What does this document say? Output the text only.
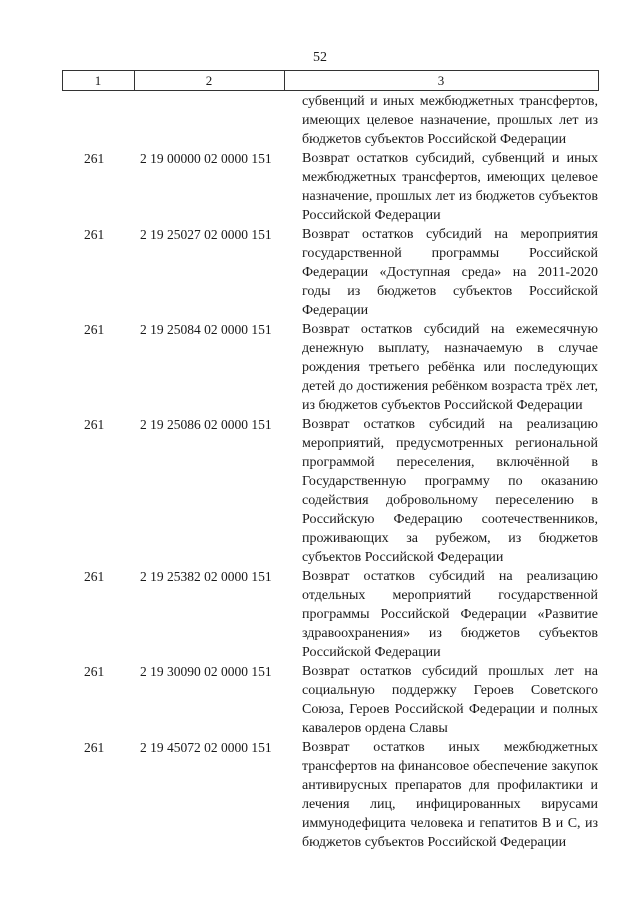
52
1	2	3
субвенций и иных межбюджетных трансфертов, имеющих целевое назначение, прошлых лет из бюджетов субъектов Российской Федерации
261	2 19 00000 02 0000 151	Возврат остатков субсидий, субвенций и иных межбюджетных трансфертов, имеющих целевое назначение, прошлых лет из бюджетов субъектов Российской Федерации
261	2 19 25027 02 0000 151	Возврат остатков субсидий на мероприятия государственной программы Российской Федерации «Доступная среда» на 2011-2020 годы из бюджетов субъектов Российской Федерации
261	2 19 25084 02 0000 151	Возврат остатков субсидий на ежемесячную денежную выплату, назначаемую в случае рождения третьего ребёнка или последующих детей до достижения ребёнком возраста трёх лет, из бюджетов субъектов Российской Федерации
261	2 19 25086 02 0000 151	Возврат остатков субсидий на реализацию мероприятий, предусмотренных региональной программой переселения, включённой в Государственную программу по оказанию содействия добровольному переселению в Российскую Федерацию соотечественников, проживающих за рубежом, из бюджетов субъектов Российской Федерации
261	2 19 25382 02 0000 151	Возврат остатков субсидий на реализацию отдельных мероприятий государственной программы Российской Федерации «Развитие здравоохранения» из бюджетов субъектов Российской Федерации
261	2 19 30090 02 0000 151	Возврат остатков субсидий прошлых лет на социальную поддержку Героев Советского Союза, Героев Российской Федерации и полных кавалеров ордена Славы
261	2 19 45072 02 0000 151	Возврат остатков иных межбюджетных трансфертов на финансовое обеспечение закупок антивирусных препаратов для профилактики и лечения лиц, инфицированных вирусами иммунодефицита человека и гепатитов В и С, из бюджетов субъектов Российской Федерации
